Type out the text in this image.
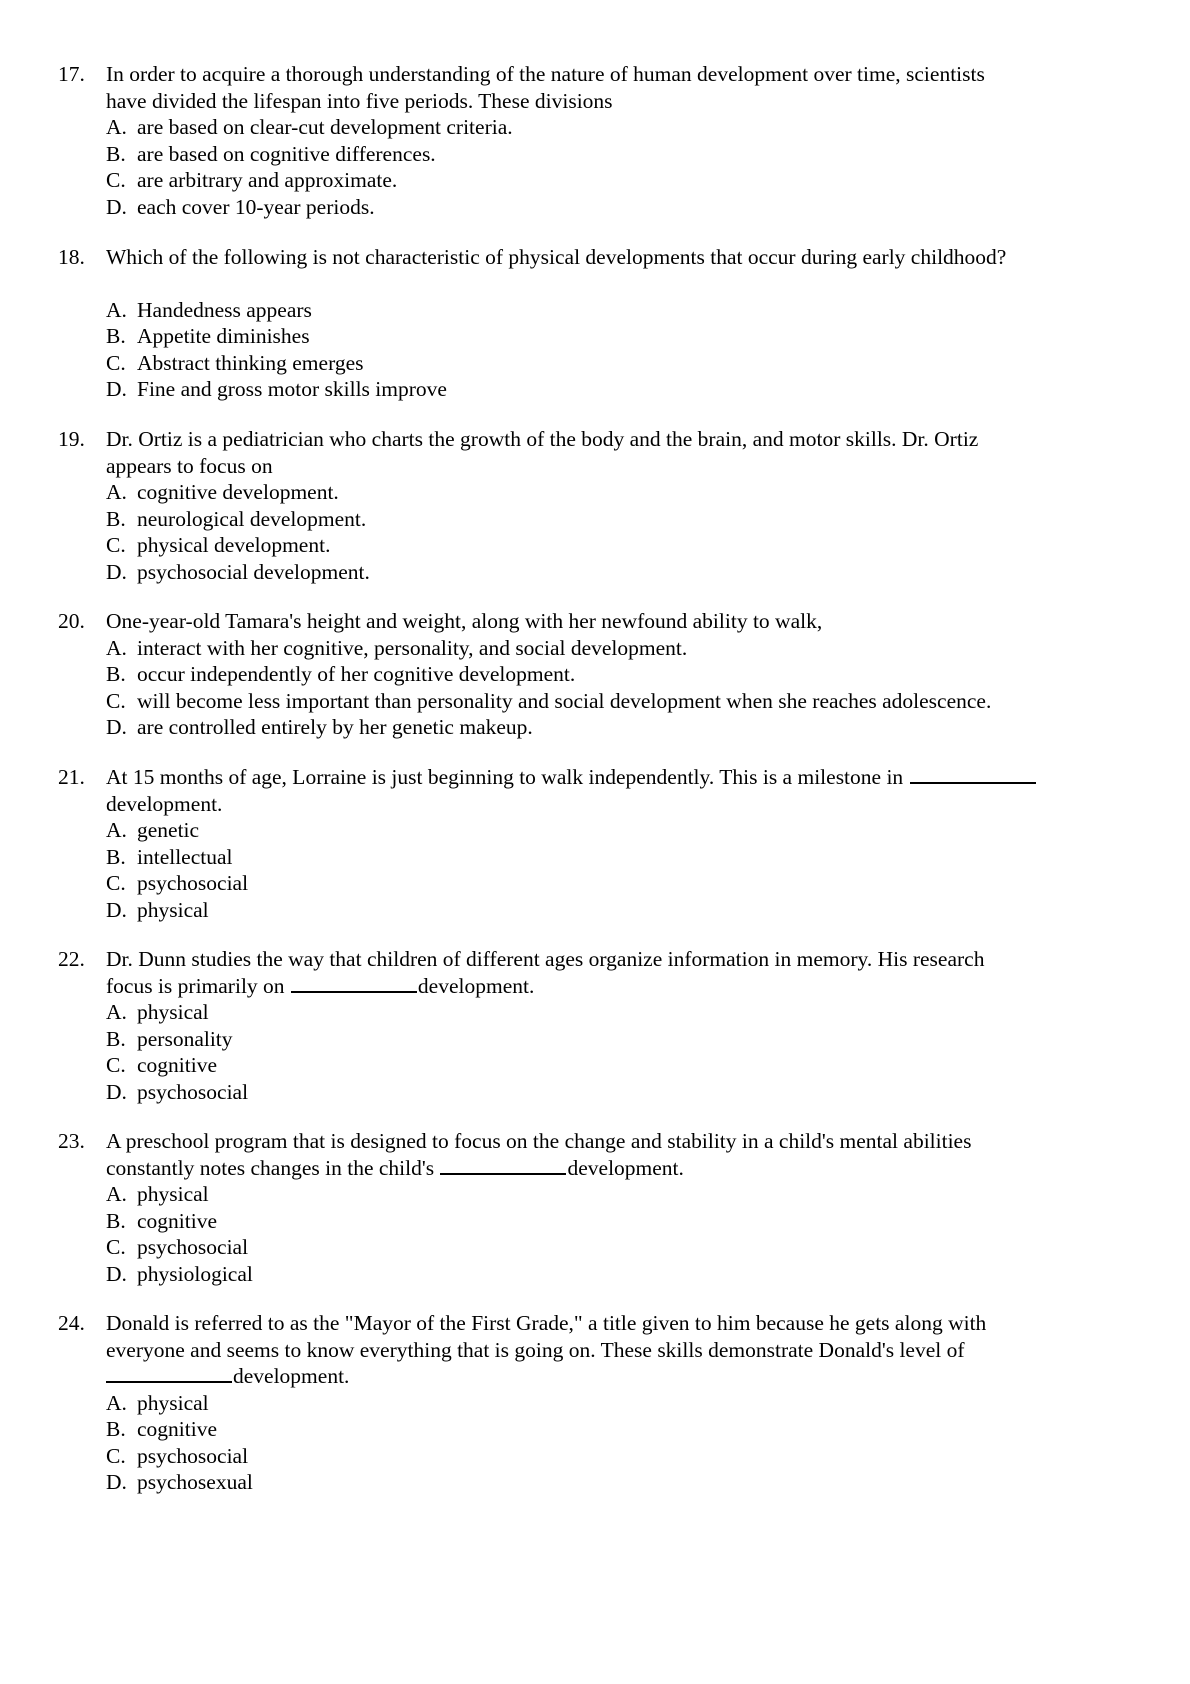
17. In order to acquire a thorough understanding of the nature of human development over time, scientists
have divided the lifespan into five periods. These divisions

A. are based on clear-cut development criteria.
B. are based on cognitive differences.
C. are arbitrary and approximate.
D. each cover 10-year periods.
18. Which of the following is not characteristic of physical developments that occur during early childhood?

A. Handedness appears
B. Appetite diminishes
C. Abstract thinking emerges
D. Fine and gross motor skills improve
19. Dr. Ortiz is a pediatrician who charts the growth of the body and the brain, and motor skills. Dr. Ortiz
appears to focus on

A. cognitive development.
B. neurological development.
C. physical development.
D. psychosocial development.
20. One-year-old Tamara's height and weight, along with her newfound ability to walk,

A. interact with her cognitive, personality, and social development.
B. occur independently of her cognitive development.
C. will become less important than personality and social development when she reaches adolescence.
D. are controlled entirely by her genetic makeup.
21. At 15 months of age, Lorraine is just beginning to walk independently. This is a milestone in
development.

A. genetic
B. intellectual
C. psychosocial
D. physical
22. Dr. Dunn studies the way that children of different ages organize information in memory. His research
focus is primarily on	development.

A. physical
B. personality
C. cognitive
D. psychosocial
23. A preschool program that is designed to focus on the change and stability in a child's mental abilities
constantly notes changes in the child's	development.

A. physical
B. cognitive
C. psychosocial
D. physiological
24. Donald is referred to as the "Mayor of the First Grade," a title given to him because he gets along with
everyone and seems to know everything that is going on. These skills demonstrate Donald's level of
development.

A. physical
B. cognitive
C. psychosocial
D. psychosexual
